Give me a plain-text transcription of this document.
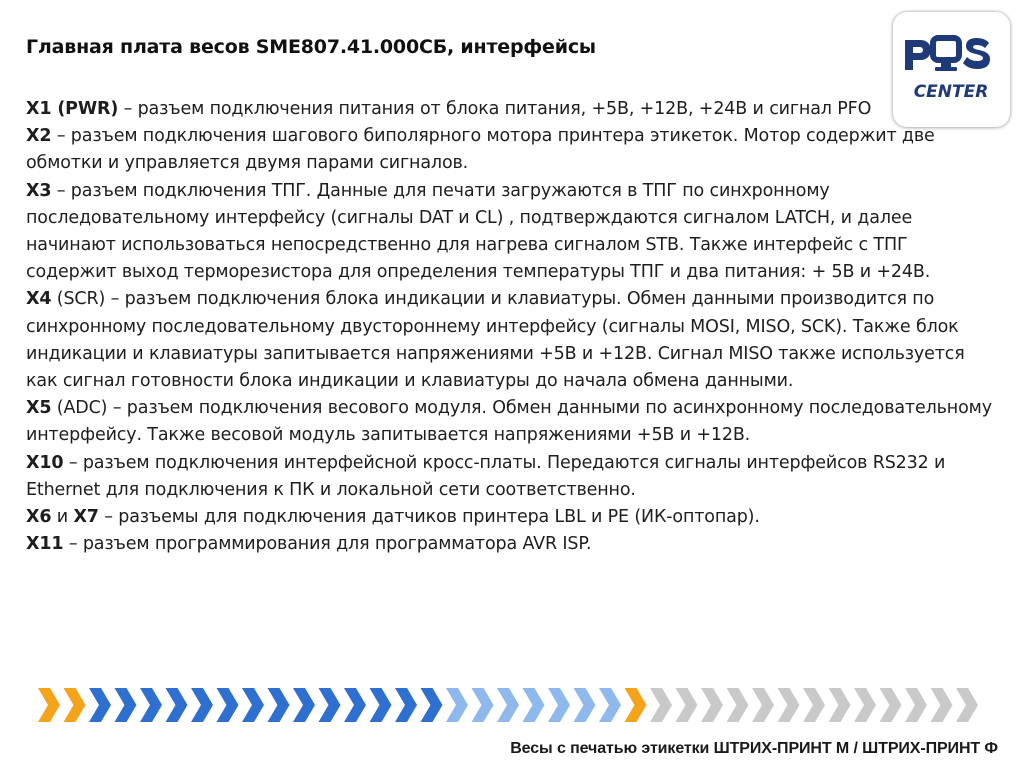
Главная плата весов SME807.41.000СБ, интерфейсы
CENTER

X1 (PWR) – разъем подключения питания от блока питания, +5В, +12В, +24В и сигнал PFO

X2 – разъем подключения шагового биполярного мотора принтера этикеток. Мотор содержит две обмотки и управляется двумя парами сигналов.

X3 – разъем подключения ТПГ. Данные для печати загружаются в ТПГ по синхронному последовательному интерфейсу (сигналы DAT и CL) , подтверждаются сигналом LATCH, и далее начинают использоваться непосредственно для нагрева сигналом STB. Также интерфейс с ТПГ содержит выход терморезистора для определения температуры ТПГ и два питания: + 5В и +24В.

X4 (SCR) – разъем подключения блока индикации и клавиатуры. Обмен данными производится по синхронному последовательному двустороннему интерфейсу (сигналы MOSI, MISO, SCK). Также блок индикации и клавиатуры запитывается напряжениями +5В и +12В. Сигнал MISO также используется как сигнал готовности блока индикации и клавиатуры до начала обмена данными.

X5 (ADC) – разъем подключения весового модуля. Обмен данными по асинхронному последовательному интерфейсу. Также весовой модуль запитывается напряжениями +5В и +12В.

X10 – разъем подключения интерфейсной кросс-платы. Передаются сигналы интерфейсов RS232 и Ethernet для подключения к ПК и локальной сети соответственно.

X6 и X7 – разъемы для подключения датчиков принтера LBL и PE (ИК-оптопар).

X11 – разъем программирования для программатора AVR ISP.

Весы с печатью этикетки ШТРИХ-ПРИНТ М / ШТРИХ-ПРИНТ Ф
